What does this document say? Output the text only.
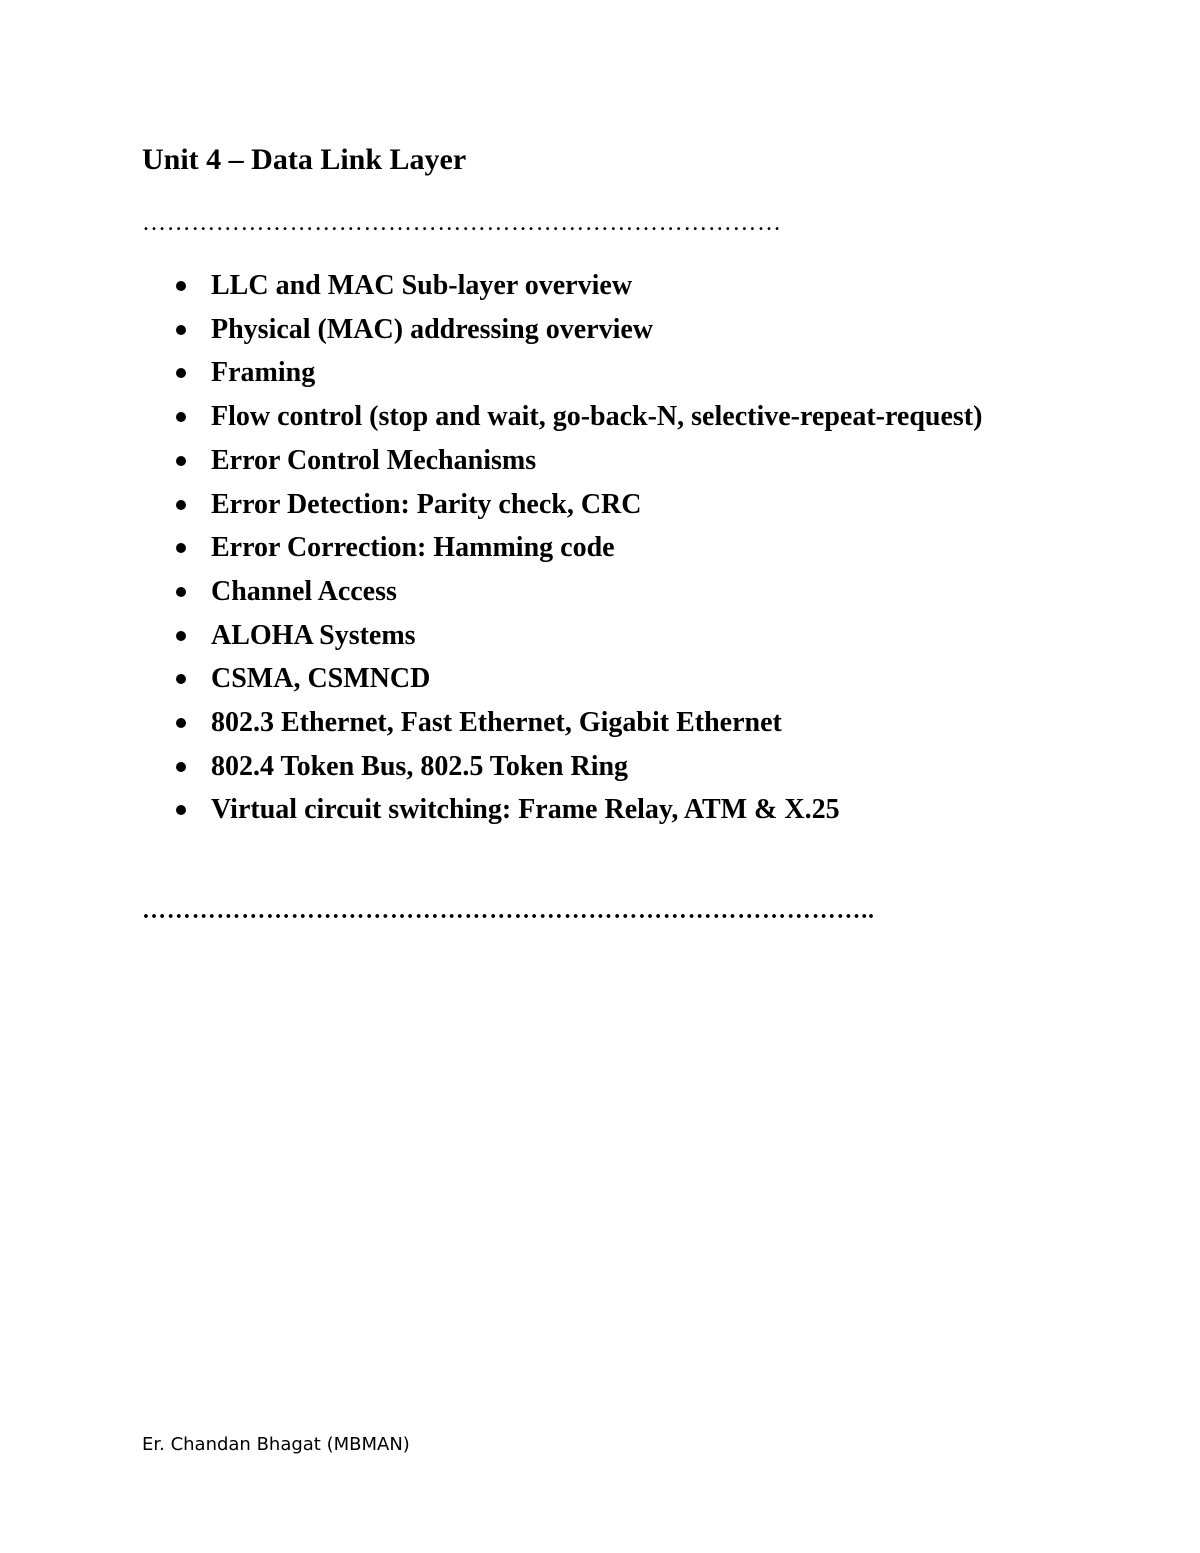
Unit 4 – Data Link Layer
……………………………………………………………………
LLC and MAC Sub-layer overview
Physical (MAC) addressing overview
Framing
Flow control (stop and wait, go-back-N, selective-repeat-request)
Error Control Mechanisms
Error Detection: Parity check, CRC
Error Correction: Hamming code
Channel Access
ALOHA Systems
CSMA, CSMNCD
802.3 Ethernet, Fast Ethernet, Gigabit Ethernet
802.4 Token Bus, 802.5 Token Ring
Virtual circuit switching: Frame Relay, ATM & X.25
……………………………………………………………………………..
Er. Chandan Bhagat (MBMAN)
